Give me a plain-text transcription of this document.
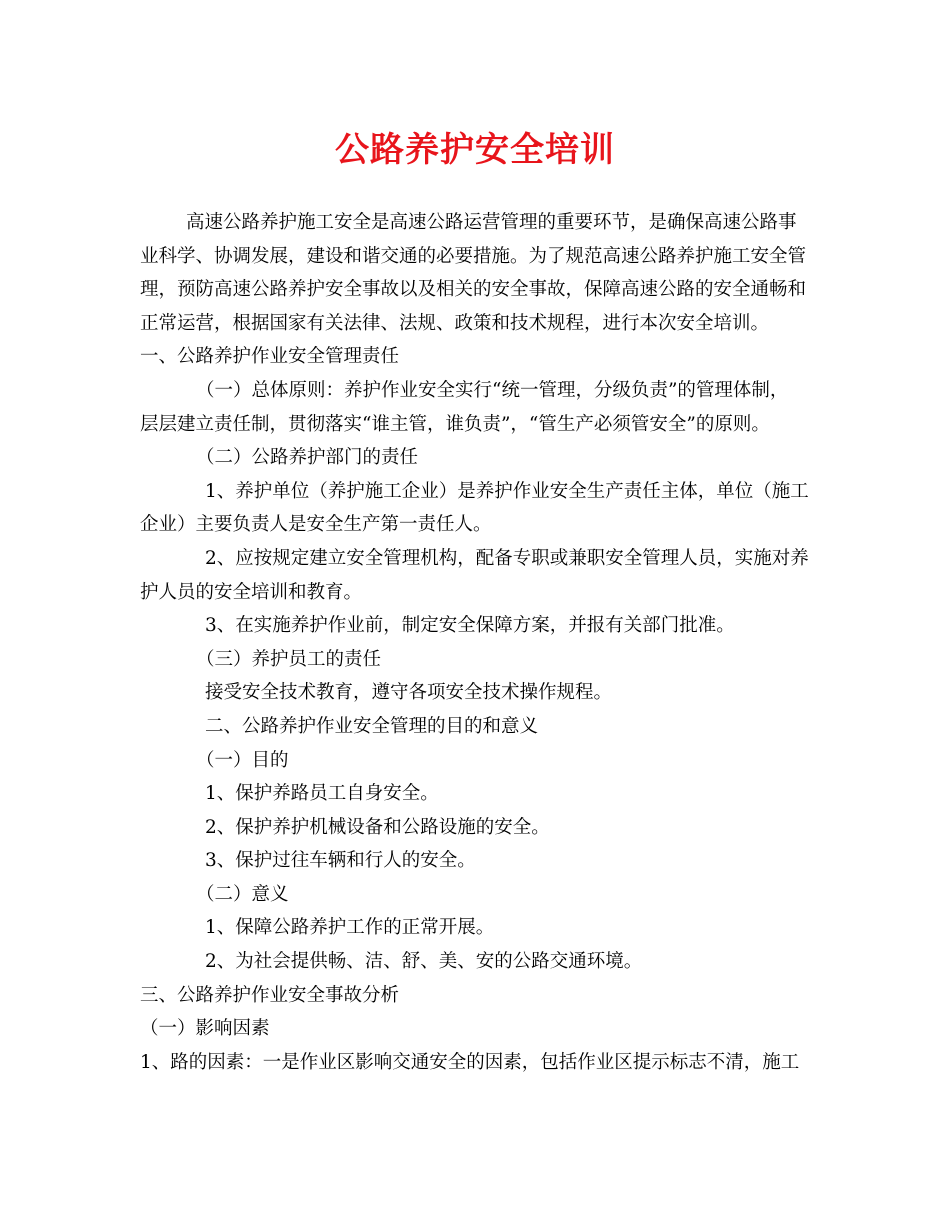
公路养护安全培训
高速公路养护施工安全是高速公路运营管理的重要环节，是确保高速公路事
业科学、协调发展，建设和谐交通的必要措施。为了规范高速公路养护施工安全管
理，预防高速公路养护安全事故以及相关的安全事故，保障高速公路的安全通畅和
正常运营，根据国家有关法律、法规、政策和技术规程，进行本次安全培训。
一、公路养护作业安全管理责任
（一）总体原则：养护作业安全实行“统一管理，分级负责”的管理体制，
层层建立责任制，贯彻落实“谁主管，谁负责”，“管生产必须管安全”的原则。
（二）公路养护部门的责任
1、养护单位（养护施工企业）是养护作业安全生产责任主体，单位（施工
企业）主要负责人是安全生产第一责任人。
2、应按规定建立安全管理机构，配备专职或兼职安全管理人员，实施对养
护人员的安全培训和教育。
3、在实施养护作业前，制定安全保障方案，并报有关部门批准。
（三）养护员工的责任
接受安全技术教育，遵守各项安全技术操作规程。
二、公路养护作业安全管理的目的和意义
（一）目的
1、保护养路员工自身安全。
2、保护养护机械设备和公路设施的安全。
3、保护过往车辆和行人的安全。
（二）意义
1、保障公路养护工作的正常开展。
2、为社会提供畅、洁、舒、美、安的公路交通环境。
三、公路养护作业安全事故分析
（一）影响因素
1、路的因素：一是作业区影响交通安全的因素，包括作业区提示标志不清，施工
